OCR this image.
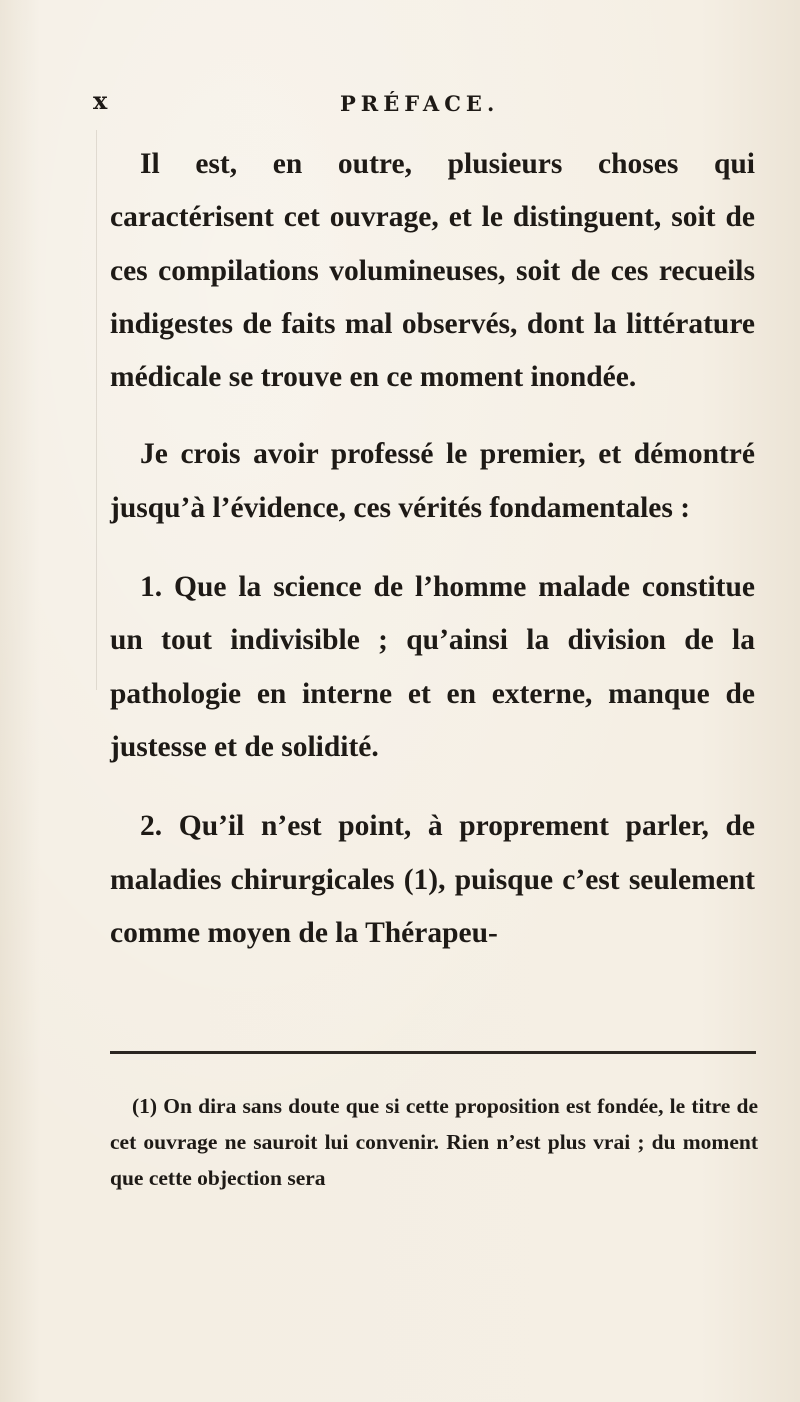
x	PRÉFACE.

Il est, en outre, plusieurs choses qui caractérisent cet ouvrage, et le distinguent, soit de ces compilations volumineuses, soit de ces recueils indigestes de faits mal observés, dont la littérature médicale se trouve en ce moment inondée.

Je crois avoir professé le premier, et démontré jusqu’à l’évidence, ces vérités fondamentales :

1. Que la science de l’homme malade constitue un tout indivisible ; qu’ainsi la division de la pathologie en interne et en externe, manque de justesse et de solidité.

2. Qu’il n’est point, à proprement parler, de maladies chirurgicales (1), puisque c’est seulement comme moyen de la Thérapeu-

(1) On dira sans doute que si cette proposition est fondée, le titre de cet ouvrage ne sauroit lui convenir. Rien n’est plus vrai ; du moment que cette objection sera
